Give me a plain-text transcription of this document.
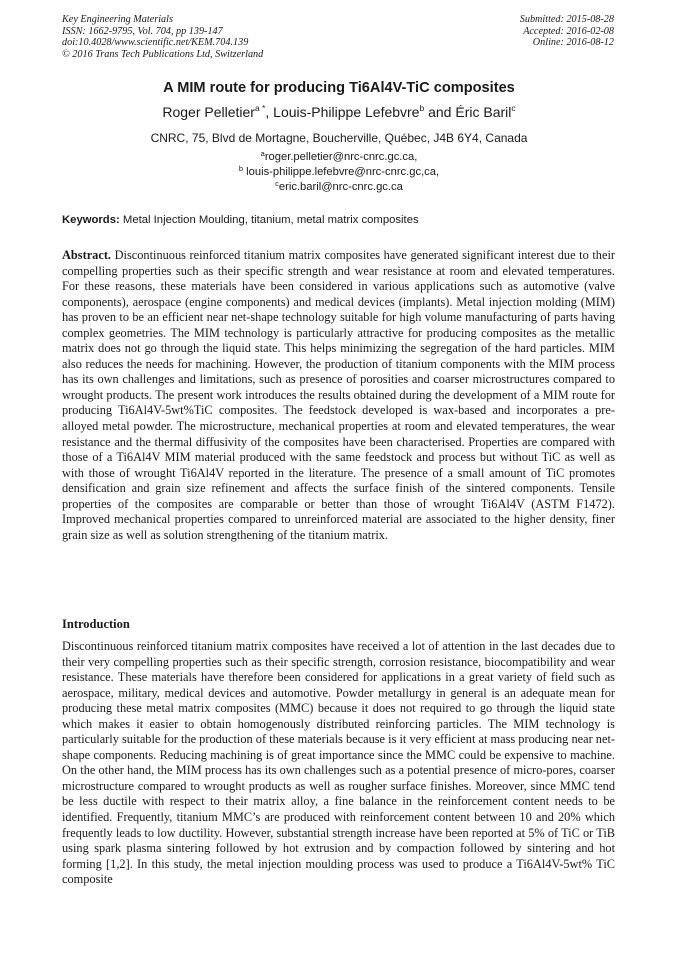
Key Engineering Materials
ISSN: 1662-9795, Vol. 704, pp 139-147
doi:10.4028/www.scientific.net/KEM.704.139
© 2016 Trans Tech Publications Ltd, Switzerland
Submitted: 2015-08-28
Accepted: 2016-02-08
Online: 2016-08-12
A MIM route for producing Ti6Al4V-TiC composites
Roger Pelletier$^{a *}$, Louis-Philippe Lefebvre$^b$ and Éric Baril$^c$
CNRC, 75, Blvd de Mortagne, Boucherville, Québec, J4B 6Y4, Canada
$^a$roger.pelletier@nrc-cnrc.gc.ca,
$^b$ louis-philippe.lefebvre@nrc-cnrc.gc,ca,
$^c$eric.baril@nrc-cnrc.gc.ca
Keywords: Metal Injection Moulding, titanium, metal matrix composites
Abstract. Discontinuous reinforced titanium matrix composites have generated significant interest due to their compelling properties such as their specific strength and wear resistance at room and elevated temperatures. For these reasons, these materials have been considered in various applications such as automotive (valve components), aerospace (engine components) and medical devices (implants). Metal injection molding (MIM) has proven to be an efficient near net-shape technology suitable for high volume manufacturing of parts having complex geometries. The MIM technology is particularly attractive for producing composites as the metallic matrix does not go through the liquid state. This helps minimizing the segregation of the hard particles. MIM also reduces the needs for machining. However, the production of titanium components with the MIM process has its own challenges and limitations, such as presence of porosities and coarser microstructures compared to wrought products. The present work introduces the results obtained during the development of a MIM route for producing Ti6Al4V-5wt%TiC composites. The feedstock developed is wax-based and incorporates a pre-alloyed metal powder. The microstructure, mechanical properties at room and elevated temperatures, the wear resistance and the thermal diffusivity of the composites have been characterised. Properties are compared with those of a Ti6Al4V MIM material produced with the same feedstock and process but without TiC as well as with those of wrought Ti6Al4V reported in the literature. The presence of a small amount of TiC promotes densification and grain size refinement and affects the surface finish of the sintered components. Tensile properties of the composites are comparable or better than those of wrought Ti6Al4V (ASTM F1472). Improved mechanical properties compared to unreinforced material are associated to the higher density, finer grain size as well as solution strengthening of the titanium matrix.
Introduction
Discontinuous reinforced titanium matrix composites have received a lot of attention in the last decades due to their very compelling properties such as their specific strength, corrosion resistance, biocompatibility and wear resistance. These materials have therefore been considered for applications in a great variety of field such as aerospace, military, medical devices and automotive. Powder metallurgy in general is an adequate mean for producing these metal matrix composites (MMC) because it does not required to go through the liquid state which makes it easier to obtain homogenously distributed reinforcing particles. The MIM technology is particularly suitable for the production of these materials because is it very efficient at mass producing near net-shape components. Reducing machining is of great importance since the MMC could be expensive to machine. On the other hand, the MIM process has its own challenges such as a potential presence of micro-pores, coarser microstructure compared to wrought products as well as rougher surface finishes. Moreover, since MMC tend be less ductile with respect to their matrix alloy, a fine balance in the reinforcement content needs to be identified. Frequently, titanium MMC’s are produced with reinforcement content between 10 and 20% which frequently leads to low ductility. However, substantial strength increase have been reported at 5% of TiC or TiB using spark plasma sintering followed by hot extrusion and by compaction followed by sintering and hot forming [1,2]. In this study, the metal injection moulding process was used to produce a Ti6Al4V-5wt% TiC composite
